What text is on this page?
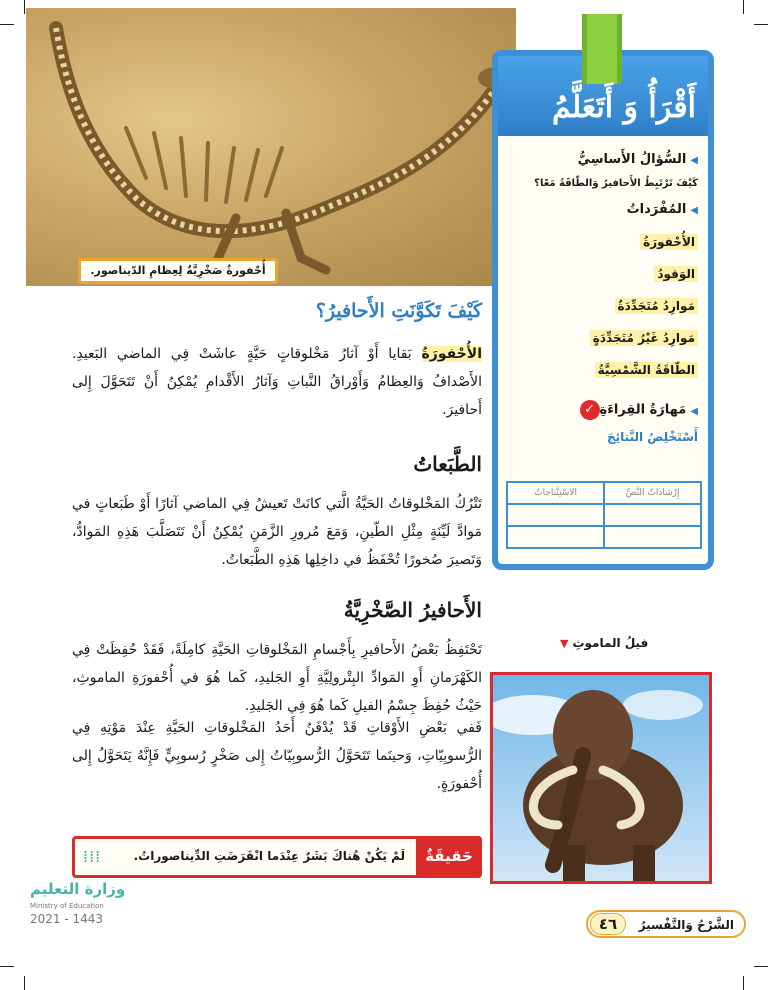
أُحْفورةٌ صَخْرِيَّةٌ لِعِظامِ الدّيناصور.
أَقْرَأُ وَ أَتَعَلَّمُ
◀السُّؤالُ الأَساسِيُّ
كَيْفَ تَرْتَبِطُ الأَحافيرُ وَالطّاقَةُ مَعًا؟
◀المُفْرَداتُ
الأُحْفورَةُ
الوَقودُ
مَوارِدُ مُتَجَدِّدَةٌ
مَوارِدُ غَيْرُ مُتَجَدِّدَةٍ
الطّاقَةُ الشَّمْسِيَّةُ
◀مَهارَةُ القِراءَةِ✓
أَسْتَخْلِصُ النَّتائِجَ
إِرْشاداتُ النَّصِّ	الاسْتِنْتاجاتُ

كَيْفَ تَكَوَّنَتِ الأَحافيرُ؟
الأُحْفورَةُ بَقايا أَوْ آثارُ مَخْلوقاتٍ حَيَّةٍ عاشَتْ فِي الماضي البَعيدِ. الأَصْدافُ وَالعِظامُ وَأَوْراقُ النَّباتِ وَآثارُ الأَقْدامِ يُمْكِنُ أَنْ تَتَحَوَّلَ إِلى أَحافيرَ.
الطَّبَعاتُ
تَتْرُكُ المَخْلوقاتُ الحَيَّةُ الَّتي كانَتْ تَعيشُ فِي الماضي آثارًا أَوْ طَبَعاتٍ في مَوادَّ لَيِّنَةٍ مِثْلِ الطّينِ، وَمَعَ مُرورِ الزَّمَنِ يُمْكِنُ أَنْ تَتَصَلَّبَ هَذِهِ المَوادُّ، وَتَصيرَ صُخورًا تُحْفَظُ في داخِلِها هَذِهِ الطَّبَعاتُ.
الأَحافيرُ الصَّخْرِيَّةُ
تَحْتَفِظُ بَعْضُ الأَحافيرِ بِأَجْسامِ المَخْلوقاتِ الحَيَّةِ كامِلَةً، فَقَدْ حُفِظَتْ فِي الكَهْرَمانِ أَوِ المَوادِّ البِتْرولِيَّةِ أَوِ الجَليدِ، كَما هُوَ في أُحْفورَةِ الماموثِ، حَيْثُ حُفِظَ جِسْمُ الفيلِ كَما هُوَ فِي الجَليدِ.
فَفي بَعْضِ الأَوْقاتِ قَدْ يُدْفَنُ أَحَدُ المَخْلوقاتِ الحَيَّةِ عِنْدَ مَوْتِهِ فِي الرُّسوبِيّاتِ، وَحينَما تَتَحَوَّلُ الرُّسوبِيّاتُ إِلى صَخْرٍ رُسوبِيٍّ فَإِنَّهُ يَتَحَوَّلُ إِلى أُحْفورَةٍ.
حَقيقَةٌ
لَمْ يَكُنْ هُناكَ بَشَرٌ عِنْدَما انْقَرَضَتِ الدِّيناصوراتُ.
⁞⁞⁞
فيلُ الماموثِ▼
وزارة التعليم
Ministry of Education
2021 - 1443	الشَّرْحُ وَالتَّفْسيرُ
٤٦
